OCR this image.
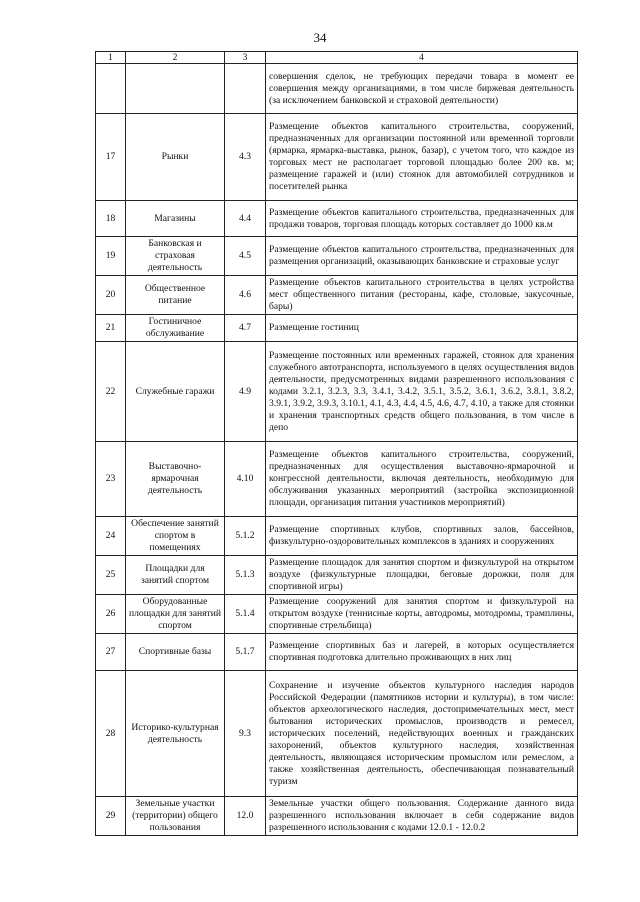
34
1	2	3	4
			совершения сделок, не требующих передачи товара в момент ее совершения между организациями, в том числе биржевая деятельность (за исключением банковской и страховой деятельности)
17	Рынки	4.3	Размещение объектов капитального строительства, сооружений, предназначенных для организации постоянной или временной торговли (ярмарка, ярмарка-выставка, рынок, базар), с учетом того, что каждое из торговых мест не располагает торговой площадью более 200 кв. м; размещение гаражей и (или) стоянок для автомобилей сотрудников и посетителей рынка
18	Магазины	4.4	Размещение объектов капитального строительства, предназначенных для продажи товаров, торговая площадь которых составляет до 1000 кв.м
19	Банковская и страховая деятельность	4.5	Размещение объектов капитального строительства, предназначенных для размещения организаций, оказывающих банковские и страховые услуг
20	Общественное питание	4.6	Размещение объектов капитального строительства в целях устройства мест общественного питания (рестораны, кафе, столовые, закусочные, бары)
21	Гостиничное обслуживание	4.7	Размещение гостиниц
22	Служебные гаражи	4.9	Размещение постоянных или временных гаражей, стоянок для хранения служебного автотранспорта, используемого в целях осуществления видов деятельности, предусмотренных видами разрешенного использования с кодами 3.2.1, 3.2.3, 3.3, 3.4.1, 3.4.2, 3.5.1, 3.5.2, 3.6.1, 3.6.2, 3.8.1, 3.8.2, 3.9.1, 3.9.2, 3.9.3, 3.10.1, 4.1, 4.3, 4.4, 4.5, 4.6, 4.7, 4.10, а также для стоянки и хранения транспортных средств общего пользования, в том числе в депо
23	Выставочно-ярмарочная деятельность	4.10	Размещение объектов капитального строительства, сооружений, предназначенных для осуществления выставочно-ярмарочной и конгрессной деятельности, включая деятельность, необходимую для обслуживания указанных мероприятий (застройка экспозиционной площади, организация питания участников мероприятий)
24	Обеспечение занятий спортом в помещениях	5.1.2	Размещение спортивных клубов, спортивных залов, бассейнов, физкультурно-оздоровительных комплексов в зданиях и сооружениях
25	Площадки для занятий спортом	5.1.3	Размещение площадок для занятия спортом и физкультурой на открытом воздухе (физкультурные площадки, беговые дорожки, поля для спортивной игры)
26	Оборудованные площадки для занятий спортом	5.1.4	Размещение сооружений для занятия спортом и физкультурой на открытом воздухе (теннисные корты, автодромы, мотодромы, трамплины, спортивные стрельбища)
27	Спортивные базы	5.1.7	Размещение спортивных баз и лагерей, в которых осуществляется спортивная подготовка длительно проживающих в них лиц
28	Историко-культурная деятельность	9.3	Сохранение и изучение объектов культурного наследия народов Российской Федерации (памятников истории и культуры), в том числе: объектов археологического наследия, достопримечательных мест, мест бытования исторических промыслов, производств и ремесел, исторических поселений, недействующих военных и гражданских захоронений, объектов культурного наследия, хозяйственная деятельность, являющаяся историческим промыслом или ремеслом, а также хозяйственная деятельность, обеспечивающая познавательный туризм
29	Земельные участки (территории) общего пользования	12.0	Земельные участки общего пользования. Содержание данного вида разрешенного использования включает в себя содержание видов разрешенного использования с кодами 12.0.1 - 12.0.2
